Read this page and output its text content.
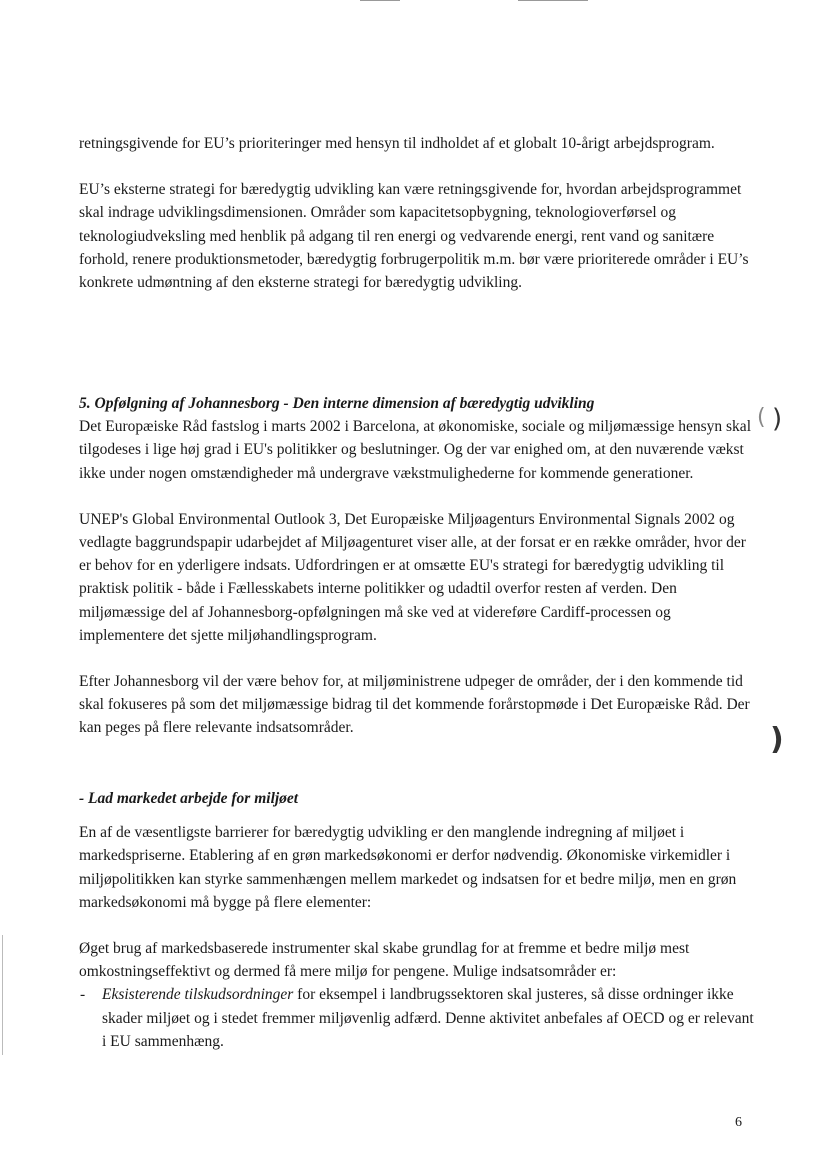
( )
)

retningsgivende for EU’s prioriteringer med hensyn til indholdet af et globalt 10-årigt arbejdsprogram.

EU’s eksterne strategi for bæredygtig udvikling kan være retningsgivende for, hvordan arbejdsprogrammet skal indrage udviklingsdimensionen. Områder som kapacitetsopbygning, teknologioverførsel og teknologiudveksling med henblik på adgang til ren energi og vedvarende energi, rent vand og sanitære forhold, renere produktionsmetoder, bæredygtig forbrugerpolitik m.m. bør være prioriterede områder i EU’s konkrete udmøntning af den eksterne strategi for bæredygtig udvikling.

5. Opfølgning af Johannesborg - Den interne dimension af bæredygtig udvikling

Det Europæiske Råd fastslog i marts 2002 i Barcelona, at økonomiske, sociale og miljømæssige hensyn skal tilgodeses i lige høj grad i EU's politikker og beslutninger. Og der var enighed om, at den nuværende vækst ikke under nogen omstændigheder må undergrave vækstmulighederne for kommende generationer.

UNEP's Global Environmental Outlook 3, Det Europæiske Miljøagenturs Environmental Signals 2002 og vedlagte baggrundspapir udarbejdet af Miljøagenturet viser alle, at der forsat er en række områder, hvor der er behov for en yderligere indsats. Udfordringen er at omsætte EU's strategi for bæredygtig udvikling til praktisk politik - både i Fællesskabets interne politikker og udadtil overfor resten af verden. Den miljømæssige del af Johannesborg-opfølgningen må ske ved at videreføre Cardiff-processen og implementere det sjette miljøhandlingsprogram.

Efter Johannesborg vil der være behov for, at miljøministrene udpeger de områder, der i den kommende tid skal fokuseres på som det miljømæssige bidrag til det kommende forårstopmøde i Det Europæiske Råd. Der kan peges på flere relevante indsatsområder.

- Lad markedet arbejde for miljøet

En af de væsentligste barrierer for bæredygtig udvikling er den manglende indregning af miljøet i markedspriserne. Etablering af en grøn markedsøkonomi er derfor nødvendig. Økonomiske virkemidler i miljøpolitikken kan styrke sammenhængen mellem markedet og indsatsen for et bedre miljø, men en grøn markedsøkonomi må bygge på flere elementer:

Øget brug af markedsbaserede instrumenter skal skabe grundlag for at fremme et bedre miljø mest omkostningseffektivt og dermed få mere miljø for pengene. Mulige indsatsområder er:

- Eksisterende tilskudsordninger for eksempel i landbrugssektoren skal justeres, så disse ordninger ikke skader miljøet og i stedet fremmer miljøvenlig adfærd. Denne aktivitet anbefales af OECD og er relevant i EU sammenhæng.
6
